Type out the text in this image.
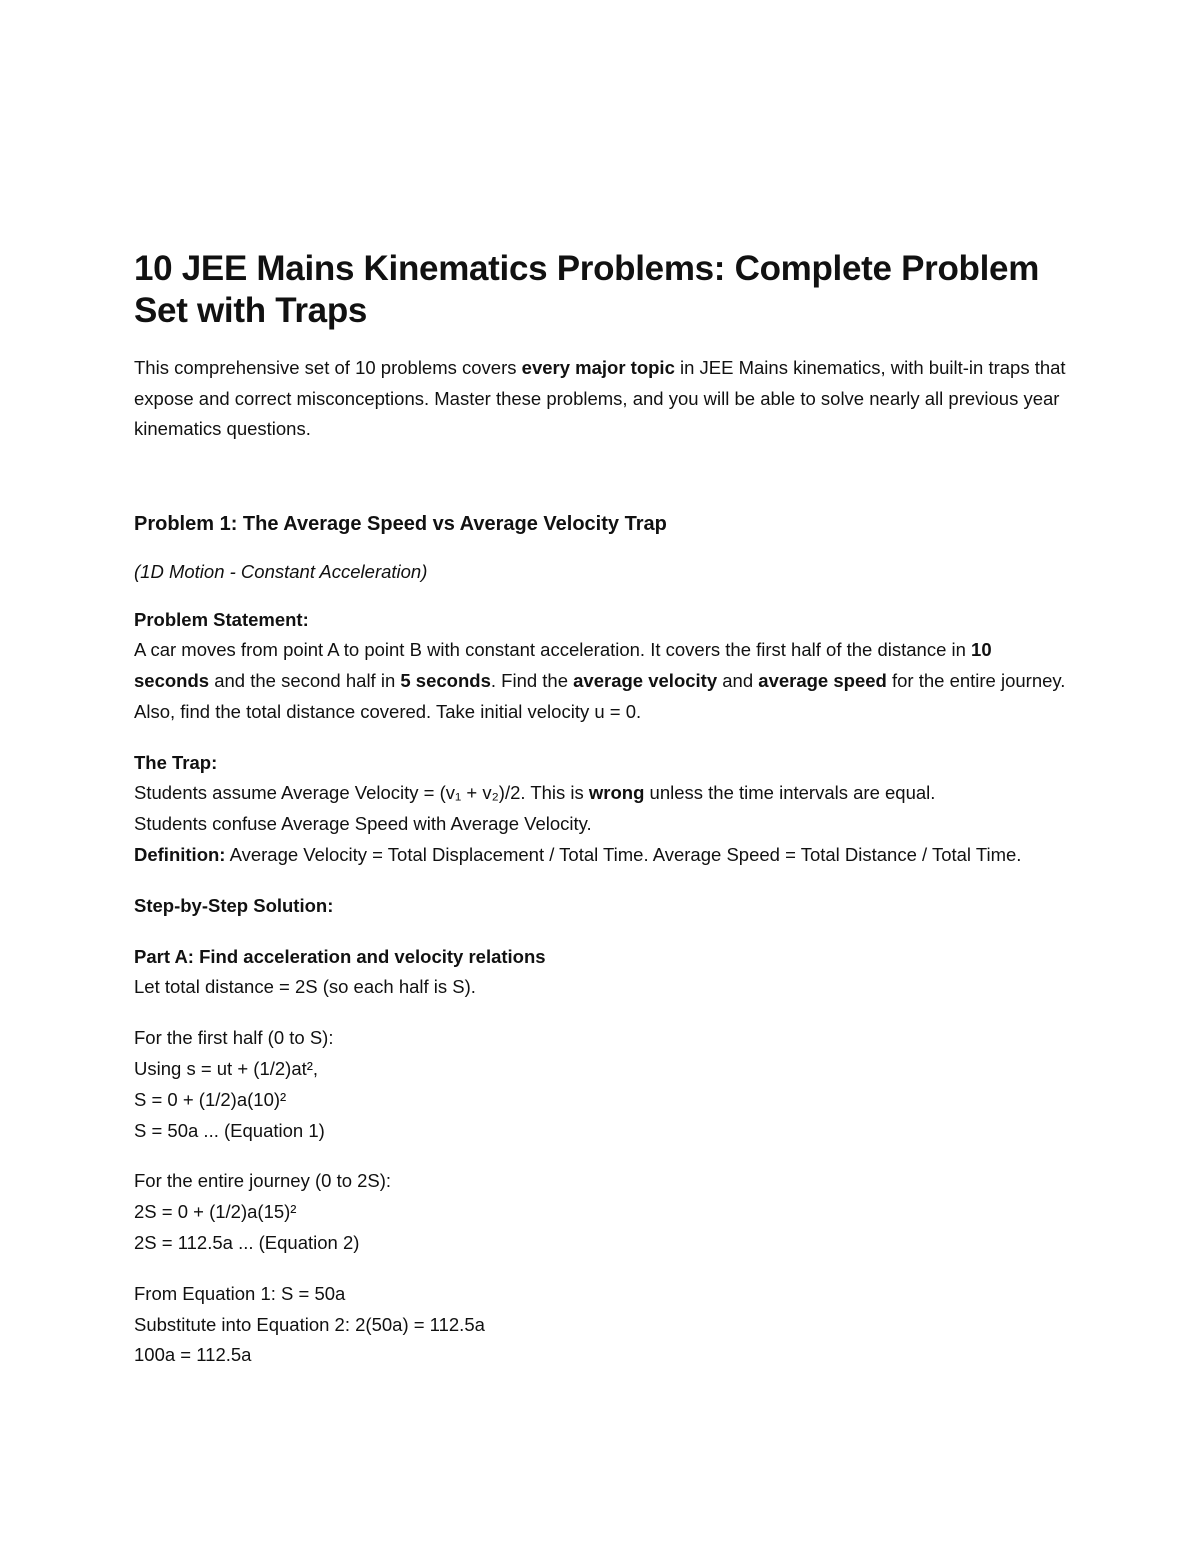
10 JEE Mains Kinematics Problems: Complete Problem Set with Traps

This comprehensive set of 10 problems covers every major topic in JEE Mains kinematics, with built-in traps that expose and correct misconceptions. Master these problems, and you will be able to solve nearly all previous year kinematics questions.

Problem 1: The Average Speed vs Average Velocity Trap
(1D Motion - Constant Acceleration)
Problem Statement:
A car moves from point A to point B with constant acceleration. It covers the first half of the distance in 10 seconds and the second half in 5 seconds. Find the average velocity and average speed for the entire journey. Also, find the total distance covered. Take initial velocity u = 0.
The Trap:
Students assume Average Velocity = (v₁ + v₂)/2. This is wrong unless the time intervals are equal.
Students confuse Average Speed with Average Velocity.
Definition: Average Velocity = Total Displacement / Total Time. Average Speed = Total Distance / Total Time.
Step-by-Step Solution:
Part A: Find acceleration and velocity relations
Let total distance = 2S (so each half is S).
For the first half (0 to S):
Using s = ut + (1/2)at²,
S = 0 + (1/2)a(10)²
S = 50a ... (Equation 1)
For the entire journey (0 to 2S):
2S = 0 + (1/2)a(15)²
2S = 112.5a ... (Equation 2)
From Equation 1: S = 50a
Substitute into Equation 2: 2(50a) = 112.5a
100a = 112.5a
